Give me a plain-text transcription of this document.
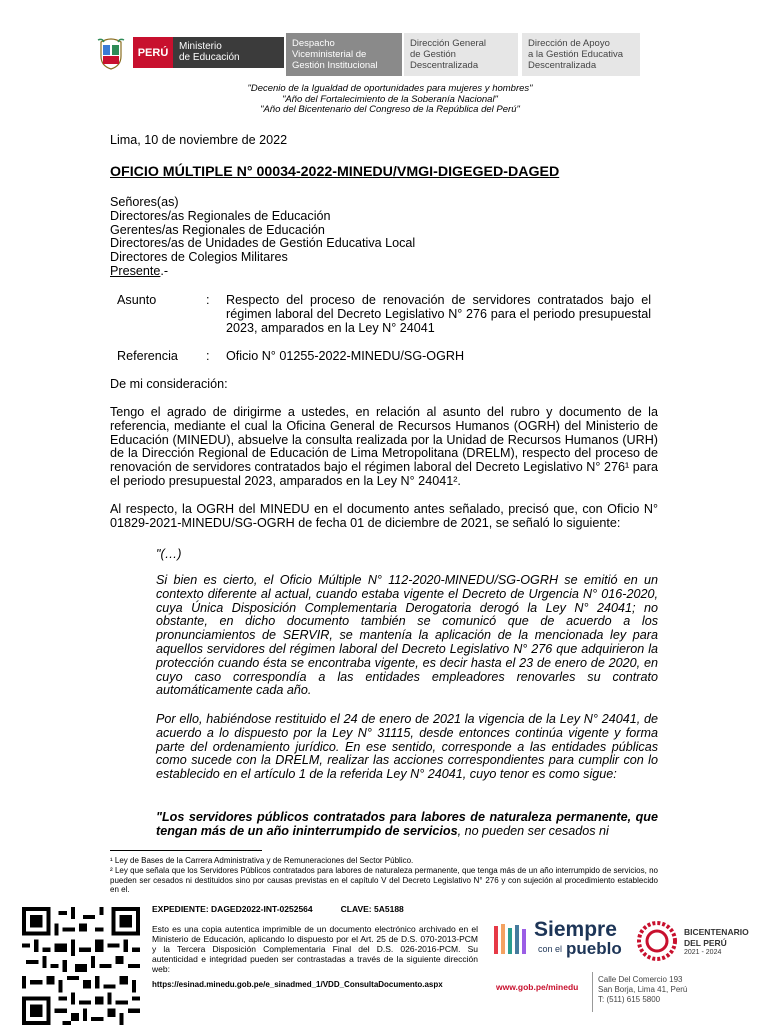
PERÚ Ministerio
de Educación
Despacho
Viceministerial de
Gestión Institucional
Dirección General
de Gestión
Descentralizada
Dirección de Apoyo
a la Gestión Educativa
Descentralizada
"Decenio de la Igualdad de oportunidades para mujeres y hombres"
"Año del Fortalecimiento de la Soberanía Nacional"
"Año del Bicentenario del Congreso de la República del Perú"
Lima, 10 de noviembre de 2022
OFICIO MÚLTIPLE N° 00034-2022-MINEDU/VMGI-DIGEGED-DAGED
Señores(as)
Directores/as Regionales de Educación
Gerentes/as Regionales de Educación
Directores/as de Unidades de Gestión Educativa Local
Directores de Colegios Militares
Presente.-
Asunto	: Respecto del proceso de renovación de servidores contratados bajo el régimen laboral del Decreto Legislativo N° 276 para el periodo presupuestal 2023, amparados en la Ley N° 24041
Referencia : Oficio N° 01255-2022-MINEDU/SG-OGRH
De mi consideración:
Tengo el agrado de dirigirme a ustedes, en relación al asunto del rubro y documento de la referencia, mediante el cual la Oficina General de Recursos Humanos (OGRH) del Ministerio de Educación (MINEDU), absuelve la consulta realizada por la Unidad de Recursos Humanos (URH) de la Dirección Regional de Educación de Lima Metropolitana (DRELM), respecto del proceso de renovación de servidores contratados bajo el régimen laboral del Decreto Legislativo N° 276¹ para el periodo presupuestal 2023, amparados en la Ley N° 24041².
Al respecto, la OGRH del MINEDU en el documento antes señalado, precisó que, con Oficio N° 01829-2021-MINEDU/SG-OGRH de fecha 01 de diciembre de 2021, se señaló lo siguiente:
"(…)
Si bien es cierto, el Oficio Múltiple N° 112-2020-MINEDU/SG-OGRH se emitió en un contexto diferente al actual, cuando estaba vigente el Decreto de Urgencia N° 016-2020, cuya Única Disposición Complementaria Derogatoria derogó la Ley N° 24041; no obstante, en dicho documento también se comunicó que de acuerdo a los pronunciamientos de SERVIR, se mantenía la aplicación de la mencionada ley para aquellos servidores del régimen laboral del Decreto Legislativo N° 276 que adquirieron la protección cuando ésta se encontraba vigente, es decir hasta el 23 de enero de 2020, en cuyo caso correspondía a las entidades empleadores renovarles su contrato automáticamente cada año.
Por ello, habiéndose restituido el 24 de enero de 2021 la vigencia de la Ley N° 24041, de acuerdo a lo dispuesto por la Ley N° 31115, desde entonces continúa vigente y forma parte del ordenamiento jurídico. En ese sentido, corresponde a las entidades públicas como sucede con la DRELM, realizar las acciones correspondientes para cumplir con lo establecido en el artículo 1 de la referida Ley N° 24041, cuyo tenor es como sigue:
"Los servidores públicos contratados para labores de naturaleza permanente, que tengan más de un año ininterrumpido de servicios, no pueden ser cesados ni
¹ Ley de Bases de la Carrera Administrativa y de Remuneraciones del Sector Público.
² Ley que señala que los Servidores Públicos contratados para labores de naturaleza permanente, que tenga más de un año interrumpido de servicios, no pueden ser cesados ni destituidos sino por causas previstas en el capítulo V del Decreto Legislativo N° 276 y con sujeción al procedimiento establecido en el.
EXPEDIENTE: DAGED2022-INT-0252564	CLAVE: 5A5188
Esto es una copia autentica imprimible de un documento electrónico archivado en el Ministerio de Educación, aplicando lo dispuesto por el Art. 25 de D.S. 070-2013-PCM y la Tercera Disposición Complementaria Final del D.S. 026-2016-PCM. Su autenticidad e integridad pueden ser contrastadas a través de la siguiente dirección web:
https://esinad.minedu.gob.pe/e_sinadmed_1/VDD_ConsultaDocumento.aspx
Siempre
con el pueblo
BICENTENARIO
DEL PERÚ
2021 - 2024
www.gob.pe/minedu
Calle Del Comercio 193
San Borja, Lima 41, Perú
T: (511) 615 5800
